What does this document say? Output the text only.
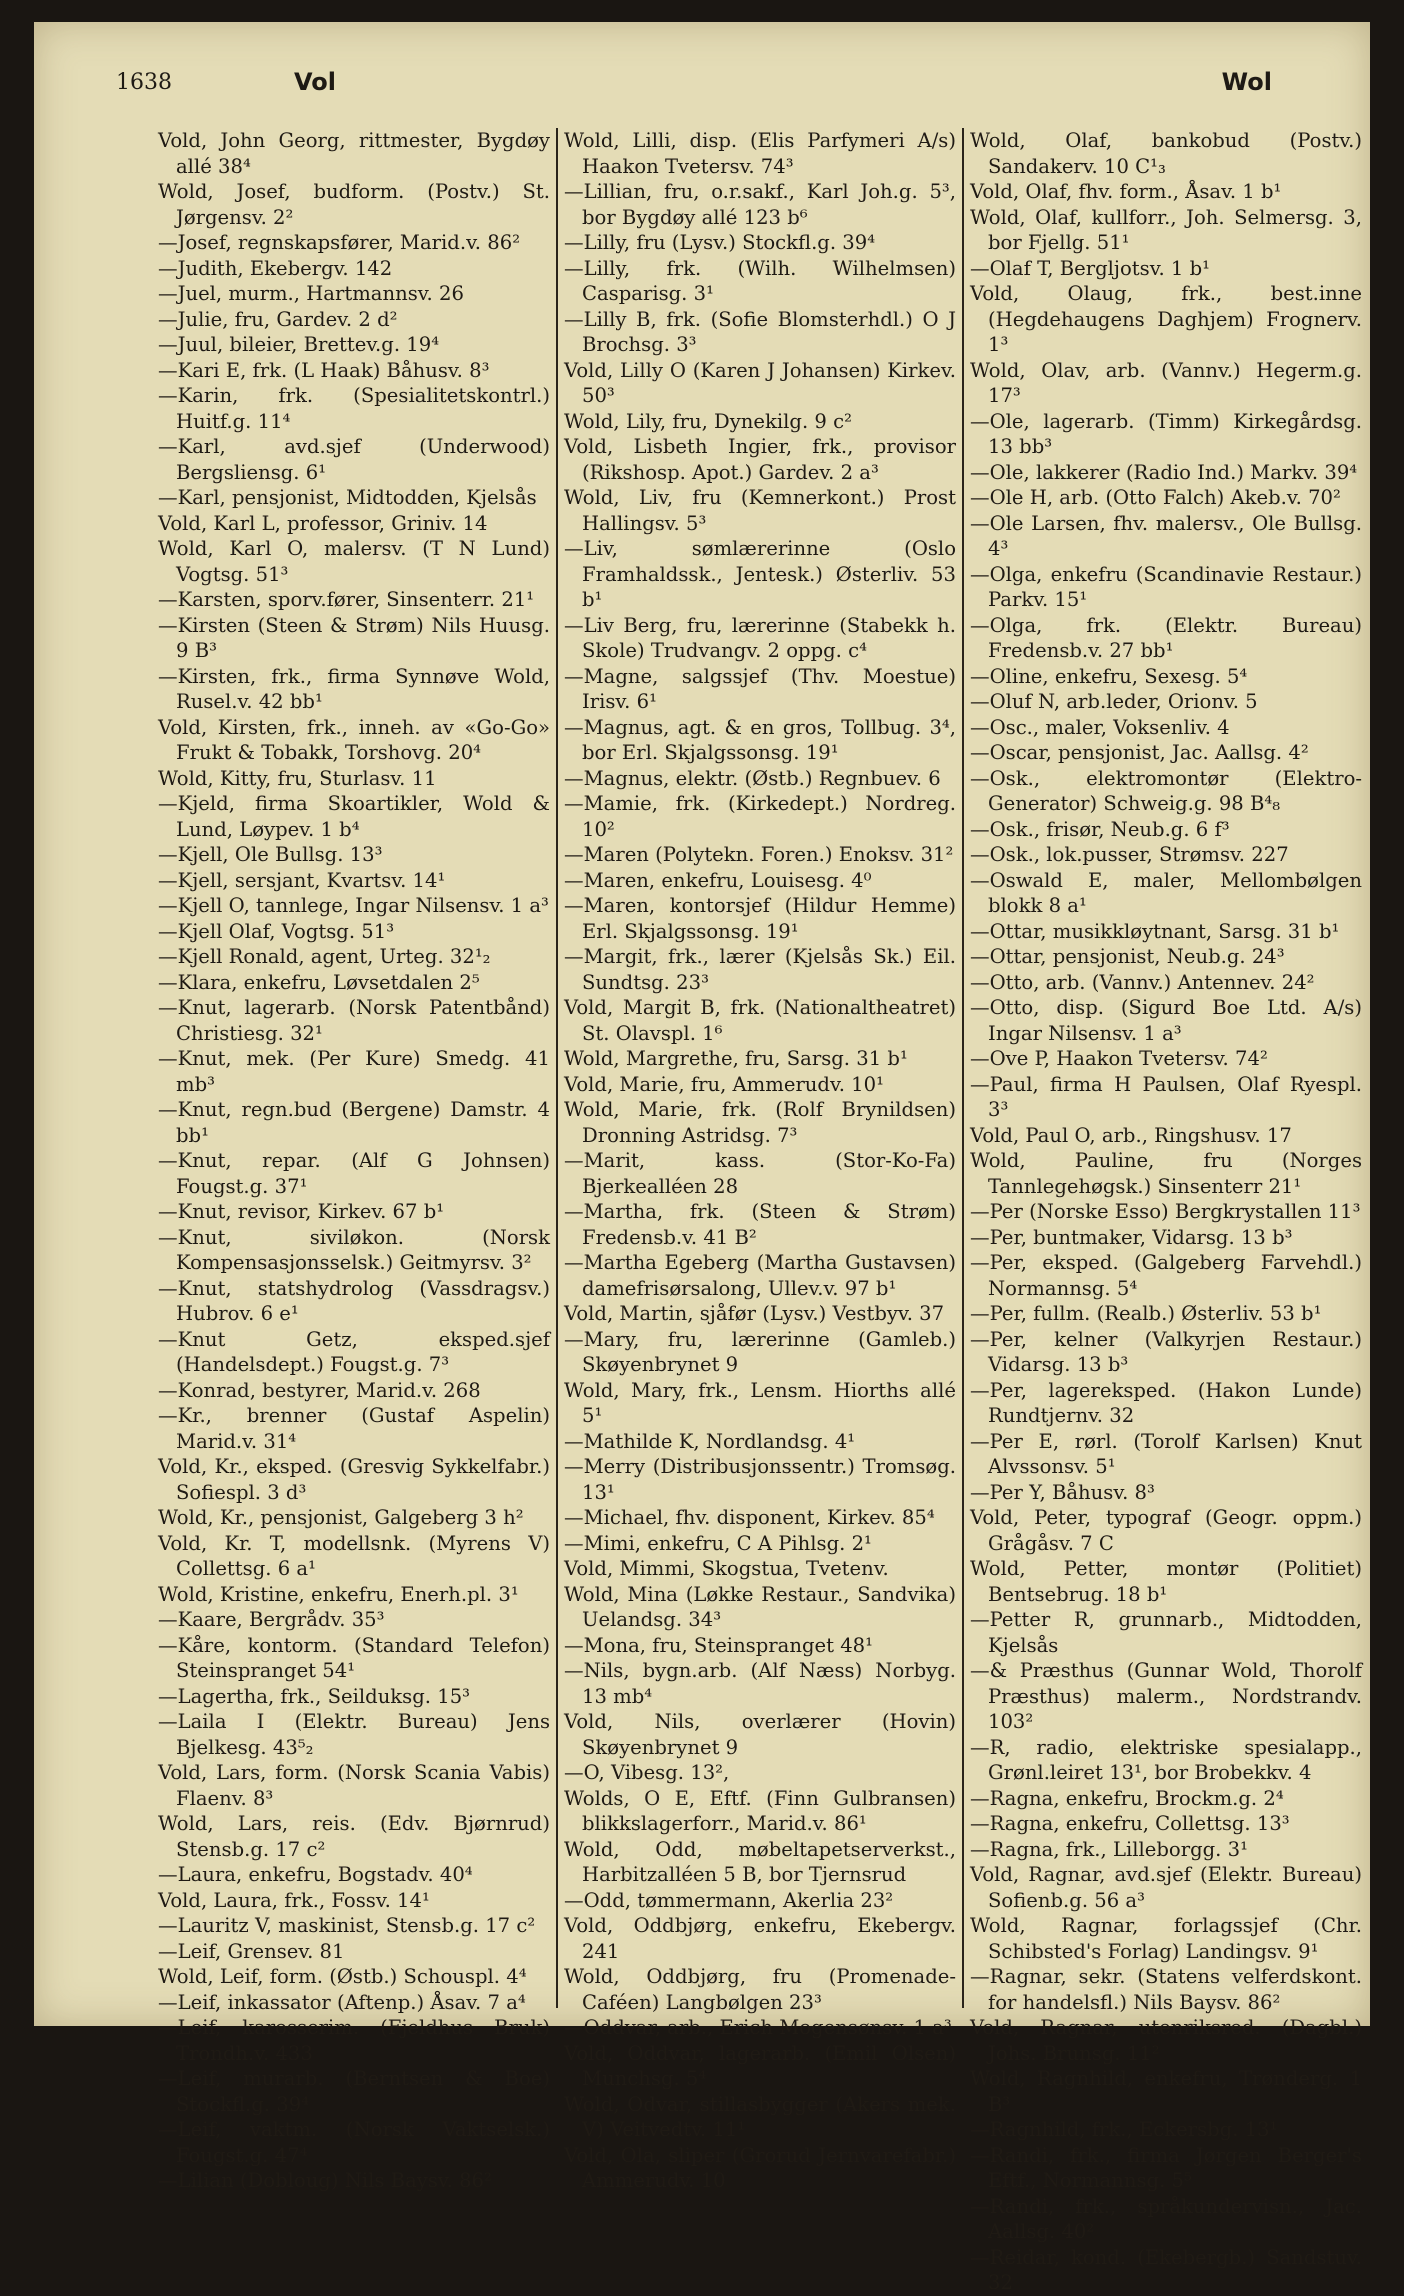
1638	Vol	Wol

Vold, John Georg, rittmester, Bygdøy allé 38⁴

Wold, Josef, budform. (Postv.) St. Jørgensv. 2²

—Josef, regnskapsfører, Marid.v. 86²

—Judith, Ekebergv. 142

—Juel, murm., Hartmannsv. 26

—Julie, fru, Gardev. 2 d²

—Juul, bileier, Brettev.g. 19⁴

—Kari E, frk. (L Haak) Båhusv. 8³

—Karin, frk. (Spesialitetskontrl.) Huitf.g. 11⁴

—Karl, avd.sjef (Underwood) Bergsliensg. 6¹

—Karl, pensjonist, Midtodden, Kjelsås

Vold, Karl L, professor, Griniv. 14

Wold, Karl O, malersv. (T N Lund) Vogtsg. 51³

—Karsten, sporv.fører, Sinsenterr. 21¹

—Kirsten (Steen & Strøm) Nils Huusg. 9 B³

—Kirsten, frk., firma Synnøve Wold, Rusel.v. 42 bb¹

Vold, Kirsten, frk., inneh. av «Go-Go» Frukt & Tobakk, Torshovg. 20⁴

Wold, Kitty, fru, Sturlasv. 11

—Kjeld, firma Skoartikler, Wold & Lund, Løypev. 1 b⁴

—Kjell, Ole Bullsg. 13³

—Kjell, sersjant, Kvartsv. 14¹

—Kjell O, tannlege, Ingar Nilsensv. 1 a³

—Kjell Olaf, Vogtsg. 51³

—Kjell Ronald, agent, Urteg. 32¹₂

—Klara, enkefru, Løvsetdalen 2⁵

—Knut, lagerarb. (Norsk Patentbånd) Christiesg. 32¹

—Knut, mek. (Per Kure) Smedg. 41 mb³

—Knut, regn.bud (Bergene) Damstr. 4 bb¹

—Knut, repar. (Alf G Johnsen) Fougst.g. 37¹

—Knut, revisor, Kirkev. 67 b¹

—Knut, siviløkon. (Norsk Kompensasjonsselsk.) Geitmyrsv. 3²

—Knut, statshydrolog (Vassdragsv.) Hubrov. 6 e¹

—Knut Getz, eksped.sjef (Handelsdept.) Fougst.g. 7³

—Konrad, bestyrer, Marid.v. 268

—Kr., brenner (Gustaf Aspelin) Marid.v. 31⁴

Vold, Kr., eksped. (Gresvig Sykkelfabr.) Sofiespl. 3 d³

Wold, Kr., pensjonist, Galgeberg 3 h²

Vold, Kr. T, modellsnk. (Myrens V) Collettsg. 6 a¹

Wold, Kristine, enkefru, Enerh.pl. 3¹

—Kaare, Bergrådv. 35³

—Kåre, kontorm. (Standard Telefon) Steinspranget 54¹

—Lagertha, frk., Seilduksg. 15³

—Laila I (Elektr. Bureau) Jens Bjelkesg. 43⁵₂

Vold, Lars, form. (Norsk Scania Vabis) Flaenv. 8³

Wold, Lars, reis. (Edv. Bjørnrud) Stensb.g. 17 c²

—Laura, enkefru, Bogstadv. 40⁴

Vold, Laura, frk., Fossv. 14¹

—Lauritz V, maskinist, Stensb.g. 17 c²

—Leif, Grensev. 81

Wold, Leif, form. (Østb.) Schouspl. 4⁴

—Leif, inkassator (Aftenp.) Åsav. 7 a⁴

—Leif, karosserim. (Fjeldhus Bruk) Trondh.v. 433

—Leif, murarb. (Berntsen & Boe) Stockfl.g. 39⁴

—Leif, vaktm. (Norsk Vaktselsk.) Fougst.g. 47⁴

—Lilian (Dobloug) Nils Baysv. 86²

Wold, Lilli, disp. (Elis Parfymeri A/s) Haakon Tvetersv. 74³

—Lillian, fru, o.r.sakf., Karl Joh.g. 5³, bor Bygdøy allé 123 b⁶

—Lilly, fru (Lysv.) Stockfl.g. 39⁴

—Lilly, frk. (Wilh. Wilhelmsen) Casparisg. 3¹

—Lilly B, frk. (Sofie Blomsterhdl.) O J Brochsg. 3³

Vold, Lilly O (Karen J Johansen) Kirkev. 50³

Wold, Lily, fru, Dynekilg. 9 c²

Vold, Lisbeth Ingier, frk., provisor (Rikshosp. Apot.) Gardev. 2 a³

Wold, Liv, fru (Kemnerkont.) Prost Hallingsv. 5³

—Liv, sømlærerinne (Oslo Framhaldssk., Jentesk.) Østerliv. 53 b¹

—Liv Berg, fru, lærerinne (Stabekk h. Skole) Trudvangv. 2 oppg. c⁴

—Magne, salgssjef (Thv. Moestue) Irisv. 6¹

—Magnus, agt. & en gros, Tollbug. 3⁴, bor Erl. Skjalgssonsg. 19¹

—Magnus, elektr. (Østb.) Regnbuev. 6

—Mamie, frk. (Kirkedept.) Nordreg. 10²

—Maren (Polytekn. Foren.) Enoksv. 31²

—Maren, enkefru, Louisesg. 4⁰

—Maren, kontorsjef (Hildur Hemme) Erl. Skjalgssonsg. 19¹

—Margit, frk., lærer (Kjelsås Sk.) Eil. Sundtsg. 23³

Vold, Margit B, frk. (Nationaltheatret) St. Olavspl. 1⁶

Wold, Margrethe, fru, Sarsg. 31 b¹

Vold, Marie, fru, Ammerudv. 10¹

Wold, Marie, frk. (Rolf Brynildsen) Dronning Astridsg. 7³

—Marit, kass. (Stor-Ko-Fa) Bjerkealléen 28

—Martha, frk. (Steen & Strøm) Fredensb.v. 41 B²

—Martha Egeberg (Martha Gustavsen) damefrisørsalong, Ullev.v. 97 b¹

Vold, Martin, sjåfør (Lysv.) Vestbyv. 37

—Mary, fru, lærerinne (Gamleb.) Skøyenbrynet 9

Wold, Mary, frk., Lensm. Hiorths allé 5¹

—Mathilde K, Nordlandsg. 4¹

—Merry (Distribusjonssentr.) Tromsøg. 13¹

—Michael, fhv. disponent, Kirkev. 85⁴

—Mimi, enkefru, C A Pihlsg. 2¹

Vold, Mimmi, Skogstua, Tvetenv.

Wold, Mina (Løkke Restaur., Sandvika) Uelandsg. 34³

—Mona, fru, Steinspranget 48¹

—Nils, bygn.arb. (Alf Næss) Norbyg. 13 mb⁴

Vold, Nils, overlærer (Hovin) Skøyenbrynet 9

—O, Vibesg. 13²,

Wolds, O E, Eftf. (Finn Gulbransen) blikkslagerforr., Marid.v. 86¹

Wold, Odd, møbeltapetserverkst., Harbitzalléen 5 B, bor Tjernsrud

—Odd, tømmermann, Akerlia 23²

Vold, Oddbjørg, enkefru, Ekebergv. 241

Wold, Oddbjørg, fru (Promenade-Caféen) Langbølgen 23³

—Oddvar, arb., Erich Mogensønsv. 1 a³

Vold, Oddvar, lagerarb. (Emil Olsen) Munchsg. 5⁴

Wold, Odvar, stillasbygger (Akers mek. V) Veitvedtv. 11¹

Vold, Ola, sliper (Grorud Jernvarefabr.) Ammerudv. 10

Wold, Olaf, bankobud (Postv.) Sandakerv. 10 C¹₃

Vold, Olaf, fhv. form., Åsav. 1 b¹

Wold, Olaf, kullforr., Joh. Selmersg. 3, bor Fjellg. 51¹

—Olaf T, Bergljotsv. 1 b¹

Vold, Olaug, frk., best.inne (Hegdehaugens Daghjem) Frognerv. 1³

Wold, Olav, arb. (Vannv.) Hegerm.g. 17³

—Ole, lagerarb. (Timm) Kirkegårdsg. 13 bb³

—Ole, lakkerer (Radio Ind.) Markv. 39⁴

—Ole H, arb. (Otto Falch) Akeb.v. 70²

—Ole Larsen, fhv. malersv., Ole Bullsg. 4³

—Olga, enkefru (Scandinavie Restaur.) Parkv. 15¹

—Olga, frk. (Elektr. Bureau) Fredensb.v. 27 bb¹

—Oline, enkefru, Sexesg. 5⁴

—Oluf N, arb.leder, Orionv. 5

—Osc., maler, Voksenliv. 4

—Oscar, pensjonist, Jac. Aallsg. 4²

—Osk., elektromontør (Elektro-Generator) Schweig.g. 98 B⁴₈

—Osk., frisør, Neub.g. 6 f³

—Osk., lok.pusser, Strømsv. 227

—Oswald E, maler, Mellombølgen blokk 8 a¹

—Ottar, musikkløytnant, Sarsg. 31 b¹

—Ottar, pensjonist, Neub.g. 24³

—Otto, arb. (Vannv.) Antennev. 24²

—Otto, disp. (Sigurd Boe Ltd. A/s) Ingar Nilsensv. 1 a³

—Ove P, Haakon Tvetersv. 74²

—Paul, firma H Paulsen, Olaf Ryespl. 3³

Vold, Paul O, arb., Ringshusv. 17

Wold, Pauline, fru (Norges Tannlegehøgsk.) Sinsenterr 21¹

—Per (Norske Esso) Bergkrystallen 11³

—Per, buntmaker, Vidarsg. 13 b³

—Per, eksped. (Galgeberg Farvehdl.) Normannsg. 5⁴

—Per, fullm. (Realb.) Østerliv. 53 b¹

—Per, kelner (Valkyrjen Restaur.) Vidarsg. 13 b³

—Per, lagereksped. (Hakon Lunde) Rundtjernv. 32

—Per E, rørl. (Torolf Karlsen) Knut Alvssonsv. 5¹

—Per Y, Båhusv. 8³

Vold, Peter, typograf (Geogr. oppm.) Grågåsv. 7 C

Wold, Petter, montør (Politiet) Bentsebrug. 18 b¹

—Petter R, grunnarb., Midtodden, Kjelsås

—& Præsthus (Gunnar Wold, Thorolf Præsthus) malerm., Nordstrandv. 103²

—R, radio, elektriske spesialapp., Grønl.leiret 13¹, bor Brobekkv. 4

—Ragna, enkefru, Brockm.g. 2⁴

—Ragna, enkefru, Collettsg. 13³

—Ragna, frk., Lilleborgg. 3¹

Vold, Ragnar, avd.sjef (Elektr. Bureau) Sofienb.g. 56 a³

Wold, Ragnar, forlagssjef (Chr. Schibsted's Forlag) Landingsv. 9¹

—Ragnar, sekr. (Statens velferdskont. for handelsfl.) Nils Baysv. 86²

Vold, Ragnar, utenriksred. (Dagbl.) Johs. Brunsg. 11²

Wold, Ragnhild, enkefru, Trønderg. 1 B³

—Ragnhild, frk., Eckersbg. 13¹

—Randi, frk., firma Jørgen Berger's Eftf., Normannsg. 5⁵

—Randi, frk., språkundervisn., Jac. Aallsg. 40²

—Reidar, kond. (Ekebergb.) Sandstuv. 32
